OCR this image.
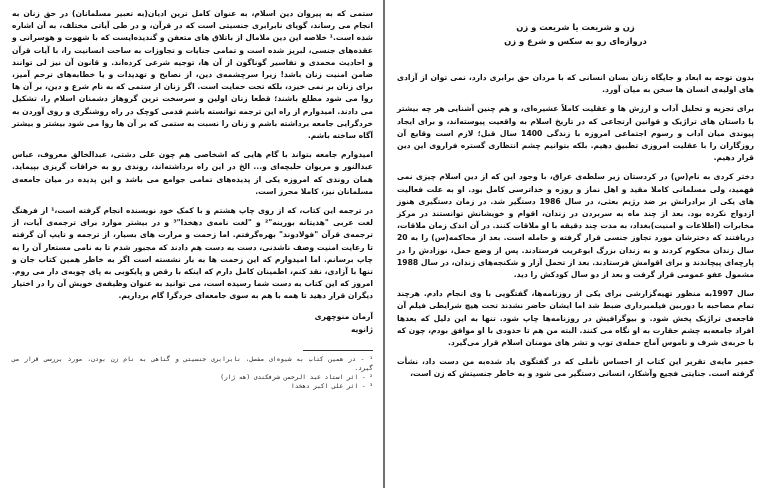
ستمی که به پیروان دین اسلام، به عنوان کامل ترین ادیان(به تعبیر مسلمانان) در حق زنان به انجام می رساند، گویای نابرابری جنسیتی است که در قرآن، و در طی آیاتی مختلف، به آن اشاره شده است.¹ خلاصه این دین ملامال از باتلاق های متعفن و گندیده‌ایست که با شهوت و هوسرانی و عقده‌های جنسی، لبریز شده است و تمامی جنایات و تجاوزات به ساحت انسانیت را، با آیات قرآن و احادیث محمدی و تفاسیر گوناگون از آن ها، توجیه شرعی کرده‌اند. و قانون آن نیز لی توانند ضامن امنیت زنان باشد! زیرا سرچشمه‌ی دین، از نصایح و تهدیدات و یا خطابه‌های ترحم آمیز، برای زنان بر نمی خیزد، بلکه تحت حمایت است. اگر زنان از ستمی که به نام شرع و دین، بر آن ها روا می شود مطلع باشند؛ قطعا زنان اولین و سرسخت ترین گروهاز دشمنان اسلام را، تشکیل می دادند. امیدوارم از راه این ترجمه توانسته باشم قدمی کوچک در راه روشنگری و روی آوردن به خردگرایی جامعه برداشته باشم و زنان را نسبت به ستمی که بر آن ها روا می شود بیشتر و بیشتر آگاه ساخته باشم.

امیدوارم جامعه بتواند با گام هایی که اشخاصی هم چون علی دشتی، عبدالخالق معروف، عباس عبدالنور و مریوان حلبچه‌ای و... الخ در این راه برداشته‌اند، روندی رو به خرافات گریزی بپیماید. همان روندی که امروزه یکی از پدیده‌های تمامی جوامع می باشد و این پدیده در میان جامعه‌ی مسلمانان نیز، کاملا محرز است.

در ترجمه این کتاب، که از روی چاپ هشتم و با کمک خود نویسنده انجام گرفته است،¹ از فرهنگ لغت عربی "هدیتانه بورینه"² و "لغت نامه‌ی دهخدا"³ و در بیشتر موارد برای ترجمه‌ی آیات، از ترجمه‌ی قرآن "فولادوند" بهره‌گرفتم. اما زحمت و مرارت های بسیار، از ترجمه و تایپ آن گرفته تا رعایت امنیت وصف ناشدنی، دست به دست هم دادند که مجبور شدم تا به نامی مستعار آن را به چاپ برسانم. اما امیدوارم که این زحمت ها به بار نشسته است اگر به خاطر همین کتاب جان و تنها با آزادی، نقد کنم، اطمینان کامل دارم که اینکه با رقص و پایکوبی به پای چوبه‌ی دار می روم. امروز که این کتاب به دست شما رسیده است، می توانید به عنوان وظیفه‌ی خویش آن را در اختیار دیگران قرار دهید تا همه با هم به سوی جامعه‌ای خردگرا گام برداریم.

آرمان منوچهری

ژانویه

¹ - در همین کتاب به شیوه‌ای مفصل، نابرابری جنسیتی و گناهی به نام زن بودن، مورد بررسی قرار می گیرد.

² - اثر استاد عبد الرحمن شرفکندی (هه ژار)

³ - اثر علی اکبر دهخدا

زن و شریعت یا شریعت و زن

دروازه‌ای رو به سکس و شرع و زن

بدون توجه به ابعاد و جایگاه زنان بسان انسانی که با مردان حق برابری دارد، نمی توان از آزادی های اولیه‌ی انسان ها سخن به میان آورد.

برای تجزیه و تحلیل آداب و ارزش ها و عقلیت کاملاً عشیره‌ای، و هم چنین آشنایی هر چه بیشتر با داستان های تراژیک و قوانین ارتجاعی که در تاریخ اسلام به واقعیت پیوسته‌اند، و برای ایجاد پیوندی میان آداب و رسوم اجتماعی امروزه با زندگی 1400 سال قبل؛ لازم است وقایع آن روزگاران را با عقلیت امروزی تطبیق دهیم. بلکه بتوانیم چشم انتظاری گستره فراروی این دین قرار دهیم.

دختر کردی به نام(س) در کردستان زیر سلطه‌ی عراق، با وجود این که از دین اسلام چیزی نمی فهمید، ولی مسلمانی کاملا مقید و اهل نماز و روزه و خداترسی کامل بود. او به علت فعالیت های یکی از برادرانش بر ضد رژیم بعثی، در سال 1986 دستگیر شد. در زمان دستگیری هنوز ازدواج نکرده بود. بعد از چند ماه به سربردن در زندان، اقوام و خویشانش توانستند در مرکز مخابرات (اطلاعات و امنیت)بغداد، به مدت چند دقیقه با او ملاقات کنند. در آن اندک زمان ملاقات، دریافتند که دخترشان مورد تجاوز جنسی قرار گرفته و حامله است. بعد از محاکمه(س) را به 20 سال زندان محکوم کردند و به زندان بزرگ ابوغریب فرستادند. پس از وضع حمل، نوزادش را در پارچه‌ای پیچاندند و برای اقوامش فرستادند. بعد از تحمل آزار و شکنجه‌های زندان، در سال 1988 مشمول عفو عمومی قرار گرفت و بعد از دو سال کودکش را دید.

سال 1997به منظور تهیه‌گزارشی برای یکی از روزنامه‌ها، گفتگویی با وی انجام دادم. هرچند تمام مصاحبه با دوربین فیلمبرداری ضبط شد اما ایشان حاضر نشدند تحت هیچ شرایطی فیلم آن فاجعه‌ی تراژیک پخش شود. و بیوگرافیش در روزنامه‌ها چاپ شود. تنها به این دلیل که بعدها افراد جامعه‌به چشم حقارت به او نگاه می کنند. البته من هم تا حدودی با او موافق بودم، چون که با حربه‌ی شرف و ناموس آماج حمله‌ی توپ و تشر های مومنان اسلام قرار می‌گیرد.

خمیر مایه‌ی تقریر این کتاب از احساس تأملی که در گفتگوی یاد شده‌به من دست داد، نشأت گرفته است. جنایتی فجیع وآشکار، انسانی دستگیر می شود و به خاطر جنسیتش که زن است،
